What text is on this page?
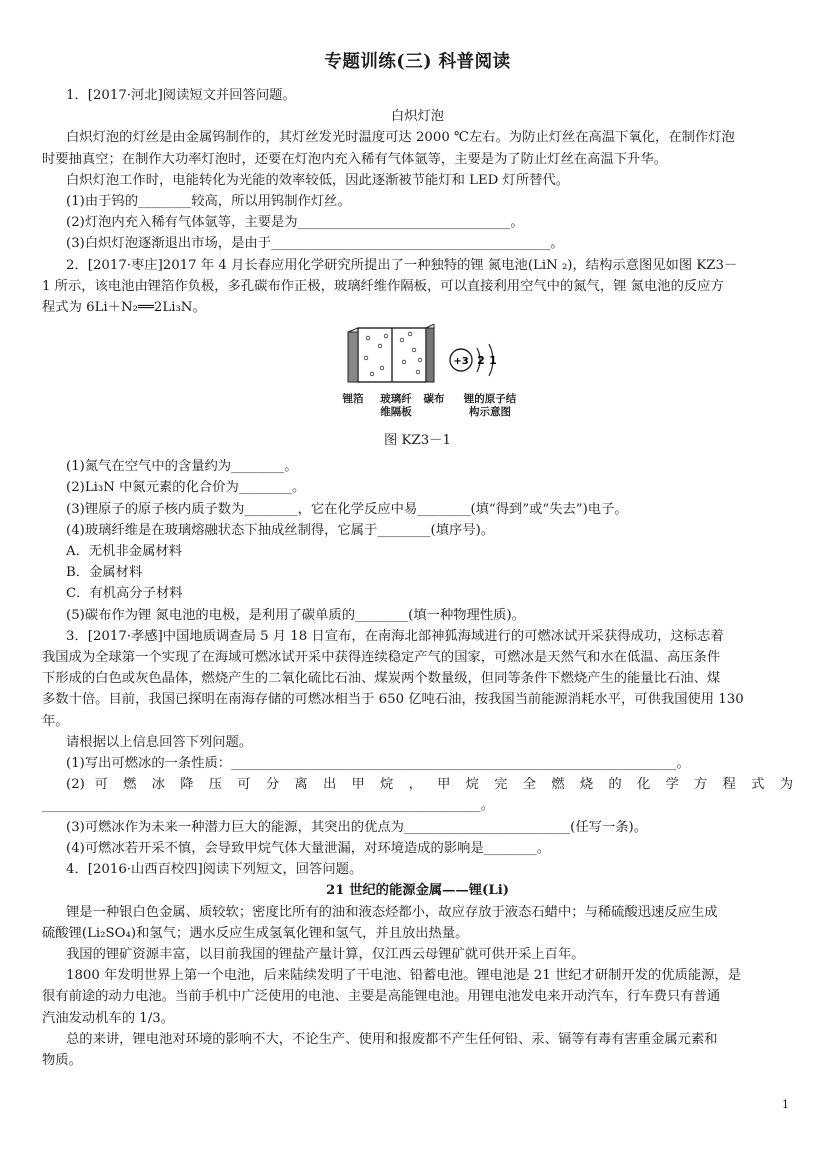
专题训练(三) 科普阅读

1．[2017·河北]阅读短文并回答问题。

白炽灯泡

白炽灯泡的灯丝是由金属钨制作的，其灯丝发光时温度可达 2000 ℃左右。为防止灯丝在高温下氧化，在制作灯泡

时要抽真空；在制作大功率灯泡时，还要在灯泡内充入稀有气体氩等，主要是为了防止灯丝在高温下升华。

白炽灯泡工作时，电能转化为光能的效率较低，因此逐渐被节能灯和 LED 灯所替代。

(1)由于钨的________较高，所以用钨制作灯丝。

(2)灯泡内充入稀有气体氩等，主要是为________________________________。

(3)白炽灯泡逐渐退出市场，是由于__________________________________________。

2．[2017·枣庄]2017 年 4 月长春应用化学研究所提出了一种独特的锂 氮电池(LiN ₂)，结构示意图见如图 KZ3－

1 所示，该电池由锂箔作负极，多孔碳布作正极，玻璃纤维作隔板，可以直接利用空气中的氮气，锂 氮电池的反应方

程式为 6Li＋N₂══2Li₃N。

+3 2 1
锂箔 玻璃纤
维隔板
碳布 锂的原子结
构示意图

图 KZ3－1

(1)氮气在空气中的含量约为________。

(2)Li₃N 中氮元素的化合价为________。

(3)锂原子的原子核内质子数为________，它在化学反应中易________(填“得到”或“失去”)电子。

(4)玻璃纤维是在玻璃熔融状态下抽成丝制得，它属于________(填序号)。

A．无机非金属材料

B．金属材料

C．有机高分子材料

(5)碳布作为锂 氮电池的电极，是利用了碳单质的________(填一种物理性质)。

3．[2017·孝感]中国地质调查局 5 月 18 日宣布，在南海北部神狐海域进行的可燃冰试开采获得成功，这标志着

我国成为全球第一个实现了在海域可燃冰试开采中获得连续稳定产气的国家，可燃冰是天然气和水在低温、高压条件

下形成的白色或灰色晶体，燃烧产生的二氧化硫比石油、煤炭两个数量级，但同等条件下燃烧产生的能量比石油、煤

多数十倍。目前，我国已探明在南海存储的可燃冰相当于 650 亿吨石油，按我国当前能源消耗水平，可供我国使用 130

年。

请根据以上信息回答下列问题。

(1)写出可燃冰的一条性质：___________________________________________________________________。

(2) 可 燃 冰 降 压 可 分 离 出 甲 烷 ， 甲 烷 完 全 燃 烧 的 化 学 方 程 式 为

__________________________________________________________________。

(3)可燃冰作为未来一种潜力巨大的能源，其突出的优点为_________________________(任写一条)。

(4)可燃冰若开采不慎，会导致甲烷气体大量泄漏，对环境造成的影响是________。

4．[2016·山西百校四]阅读下列短文，回答问题。

21 世纪的能源金属——锂(Li)

锂是一种银白色金属、质较软；密度比所有的油和液态烃都小，故应存放于液态石蜡中；与稀硫酸迅速反应生成

硫酸锂(Li₂SO₄)和氢气；遇水反应生成氢氧化锂和氢气，并且放出热量。

我国的锂矿资源丰富，以目前我国的锂盐产量计算，仅江西云母锂矿就可供开采上百年。

1800 年发明世界上第一个电池，后来陆续发明了干电池、铅蓄电池。锂电池是 21 世纪才研制开发的优质能源，是

很有前途的动力电池。当前手机中广泛使用的电池、主要是高能锂电池。用锂电池发电来开动汽车，行车费只有普通

汽油发动机车的 1/3。

总的来讲，锂电池对环境的影响不大，不论生产、使用和报废都不产生任何铅、汞、镉等有毒有害重金属元素和

物质。

1
